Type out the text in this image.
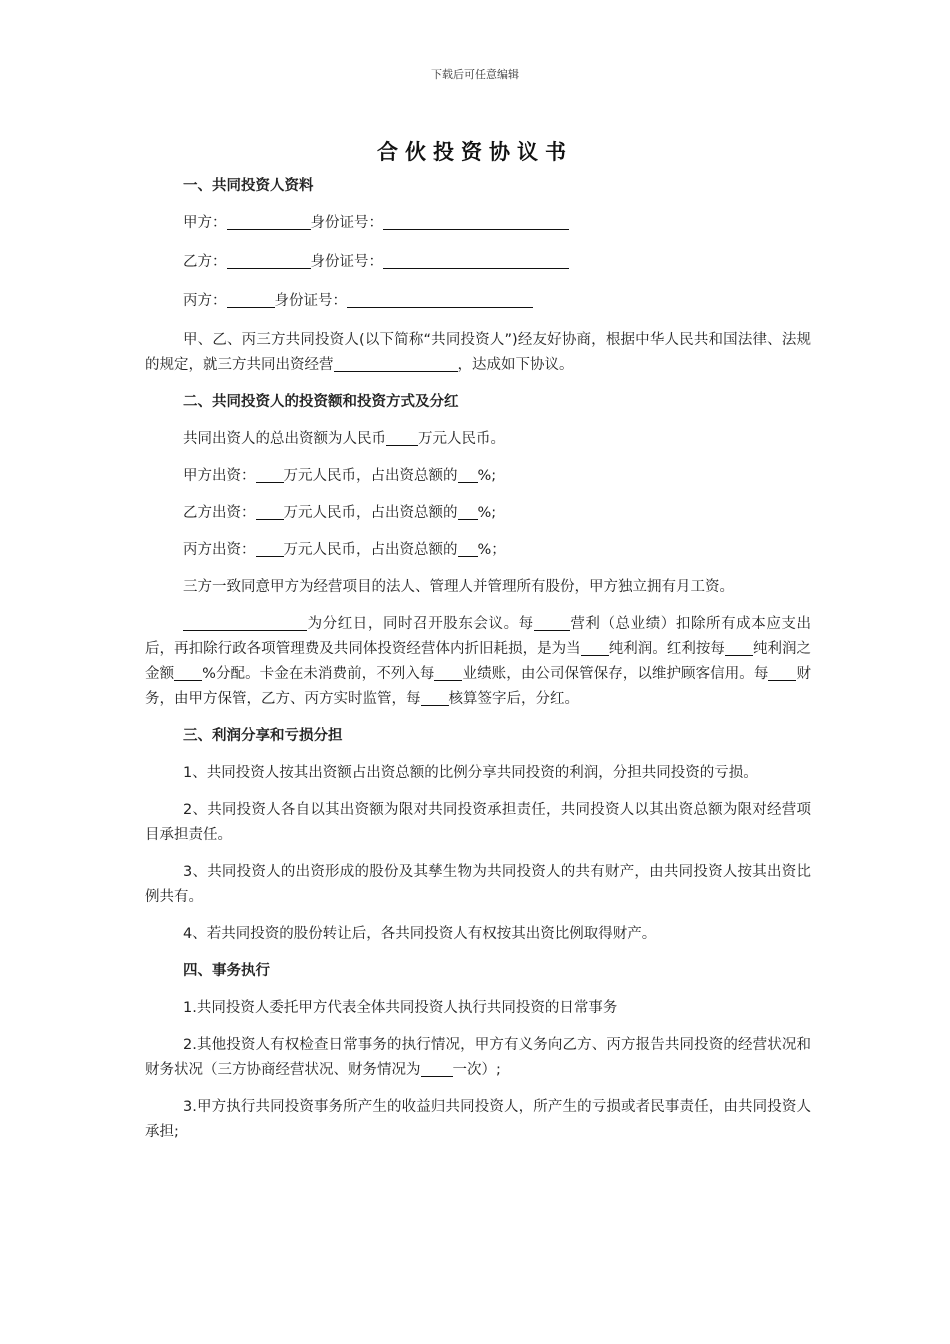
下载后可任意编辑
合伙投资协议书
一、共同投资人资料
甲方：	身份证号：
乙方：	身份证号：
丙方：	身份证号：
甲、乙、丙三方共同投资人(以下简称“共同投资人”)经友好协商，根据中华人民共和国法律、法规的规定，就三方共同出资经营	，达成如下协议。
二、共同投资人的投资额和投资方式及分红
共同出资人的总出资额为人民币 万元人民币。
甲方出资： 万元人民币，占出资总额的 %;
乙方出资： 万元人民币，占出资总额的 %;
丙方出资： 万元人民币，占出资总额的 %；
三方一致同意甲方为经营项目的法人、管理人并管理所有股份，甲方独立拥有月工资。
为分红日，同时召开股东会议。每 营利（总业绩）扣除所有成本应支出后，再扣除行政各项管理费及共同体投资经营体内折旧耗损，是为当 纯利润。红利按每 纯利润之金额 %分配。卡金在未消费前，不列入每 业绩账，由公司保管保存，以维护顾客信用。每 财务，由甲方保管，乙方、丙方实时监管，每 核算签字后，分红。
三、利润分享和亏损分担
1、共同投资人按其出资额占出资总额的比例分享共同投资的利润，分担共同投资的亏损。
2、共同投资人各自以其出资额为限对共同投资承担责任，共同投资人以其出资总额为限对经营项目承担责任。
3、共同投资人的出资形成的股份及其孳生物为共同投资人的共有财产，由共同投资人按其出资比例共有。
4、若共同投资的股份转让后，各共同投资人有权按其出资比例取得财产。
四、事务执行
1.共同投资人委托甲方代表全体共同投资人执行共同投资的日常事务
2.其他投资人有权检查日常事务的执行情况，甲方有义务向乙方、丙方报告共同投资的经营状况和财务状况（三方协商经营状况、财务情况为 一次）;
3.甲方执行共同投资事务所产生的收益归共同投资人，所产生的亏损或者民事责任，由共同投资人承担;
